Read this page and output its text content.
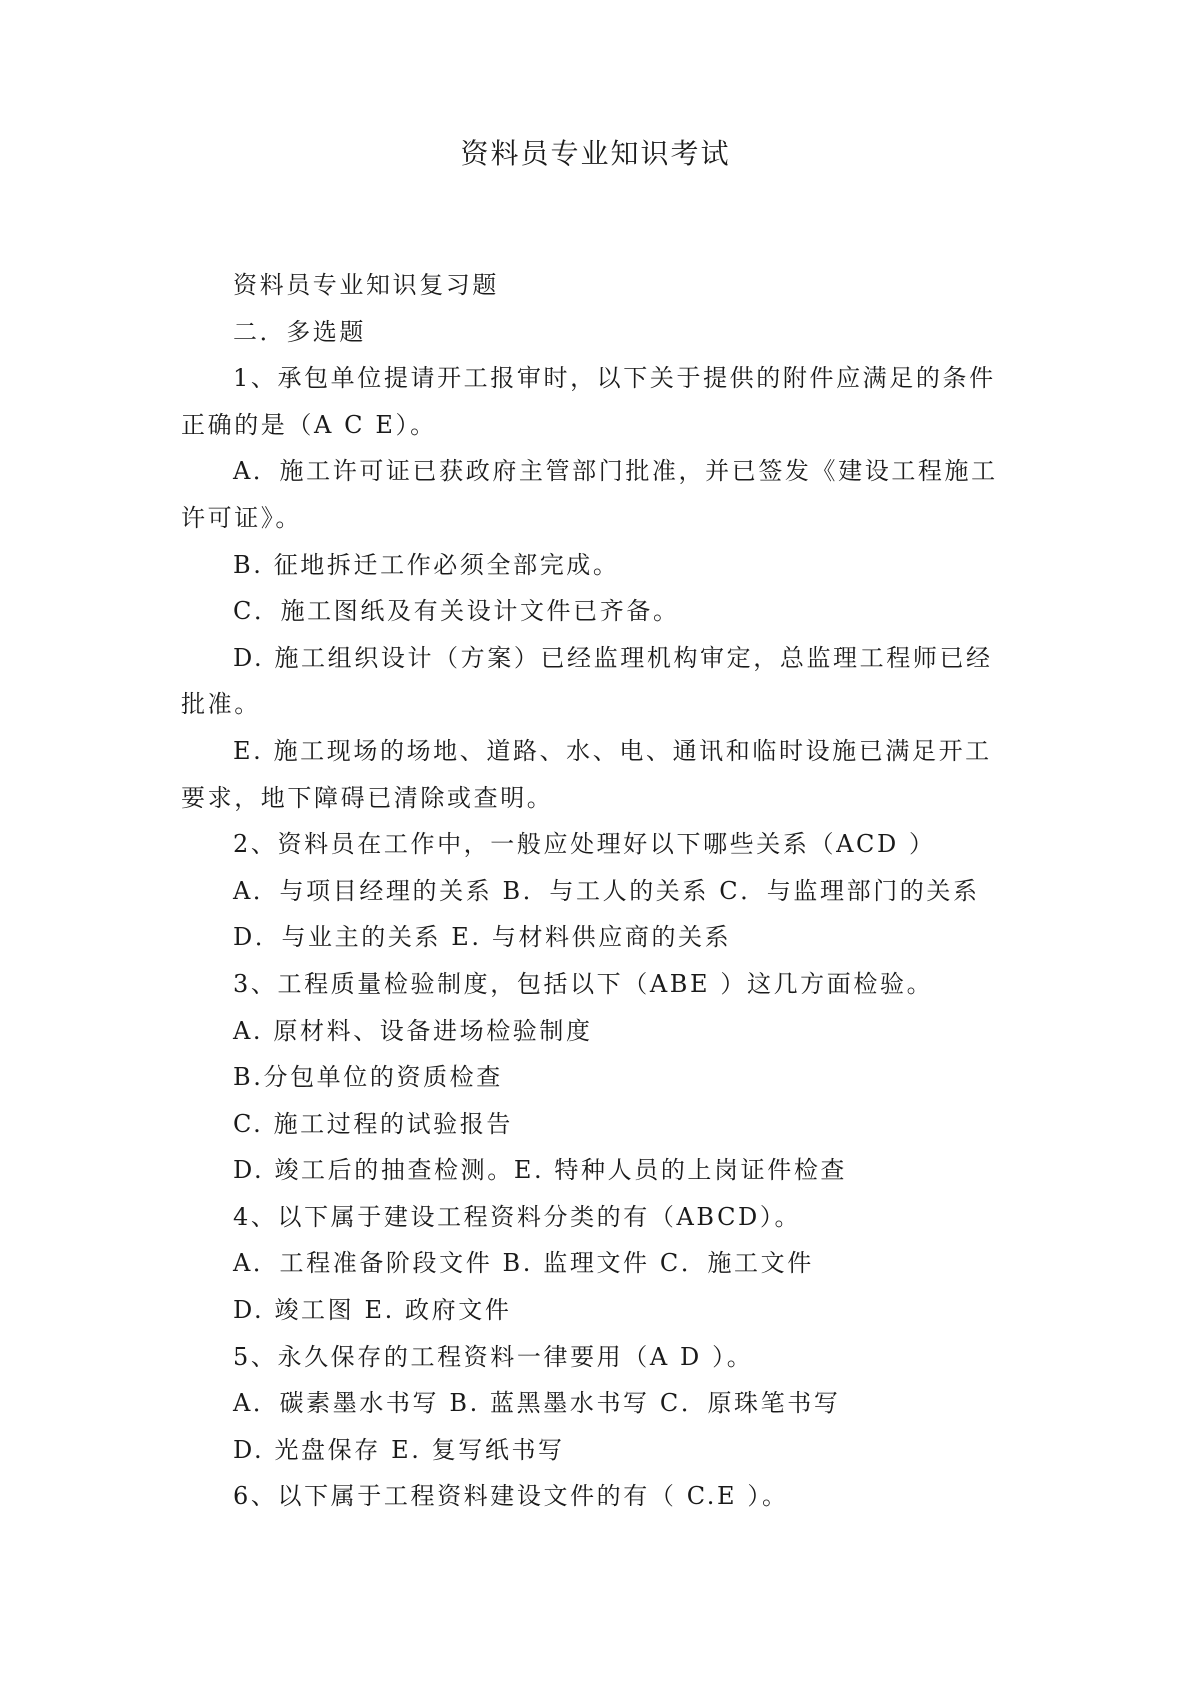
资料员专业知识考试

资料员专业知识复习题

二．多选题

1、承包单位提请开工报审时，以下关于提供的附件应满足的条件正确的是（A C E）。

A．施工许可证已获政府主管部门批准，并已签发《建设工程施工许可证》。

B. 征地拆迁工作必须全部完成。

C．施工图纸及有关设计文件已齐备。

D. 施工组织设计（方案）已经监理机构审定，总监理工程师已经批准。

E. 施工现场的场地、道路、水、电、通讯和临时设施已满足开工要求，地下障碍已清除或查明。

2、资料员在工作中，一般应处理好以下哪些关系（ACD ）

A．与项目经理的关系 B．与工人的关系 C．与监理部门的关系

D．与业主的关系 E. 与材料供应商的关系

3、工程质量检验制度，包括以下（ABE ）这几方面检验。

A. 原材料、设备进场检验制度

B.分包单位的资质检查

C. 施工过程的试验报告

D. 竣工后的抽查检测。E. 特种人员的上岗证件检查

4、以下属于建设工程资料分类的有（ABCD）。

A．工程准备阶段文件 B. 监理文件 C．施工文件

D. 竣工图 E. 政府文件

5、永久保存的工程资料一律要用（A D ）。

A．碳素墨水书写 B. 蓝黑墨水书写 C．原珠笔书写

D. 光盘保存 E. 复写纸书写

6、以下属于工程资料建设文件的有（ C.E ）。
